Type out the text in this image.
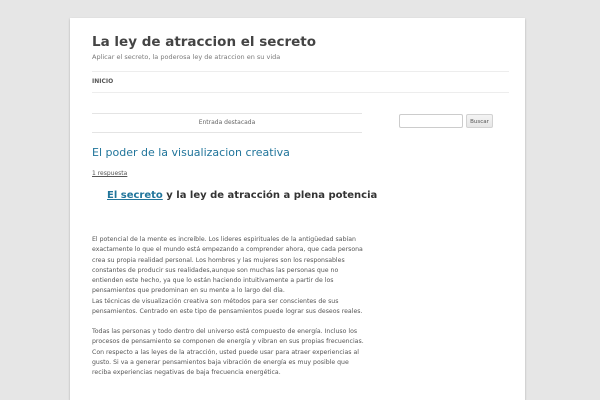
La ley de atraccion el secreto
Aplicar el secreto, la poderosa ley de atraccion en su vida
INICIO
Entrada destacada
El poder de la visualizacion creativa
1 respuesta
El secreto y la ley de atracción a plena potencia
El potencial de la mente es increíble. Los lideres espirituales de la antigüedad sabían exactamente lo que el mundo está empezando a comprender ahora, que cada persona crea su propia realidad personal. Los hombres y las mujeres son los responsables constantes de producir sus realidades,aunque son muchas las personas que no entienden este hecho, ya que lo están haciendo intuitivamente a partir de los pensamientos que predominan en su mente a lo largo del día.
Las técnicas de visualización creativa son métodos para ser conscientes de sus pensamientos. Centrado en este tipo de pensamientos puede lograr sus deseos reales.
Todas las personas y todo dentro del universo está compuesto de energía. Incluso los procesos de pensamiento se componen de energía y vibran en sus propias frecuencias. Con respecto a las leyes de la atracción, usted puede usar para atraer experiencias al gusto. Si va a generar pensamientos baja vibración de energía es muy posible que reciba experiencias negativas de baja frecuencia energética.
Buscar
